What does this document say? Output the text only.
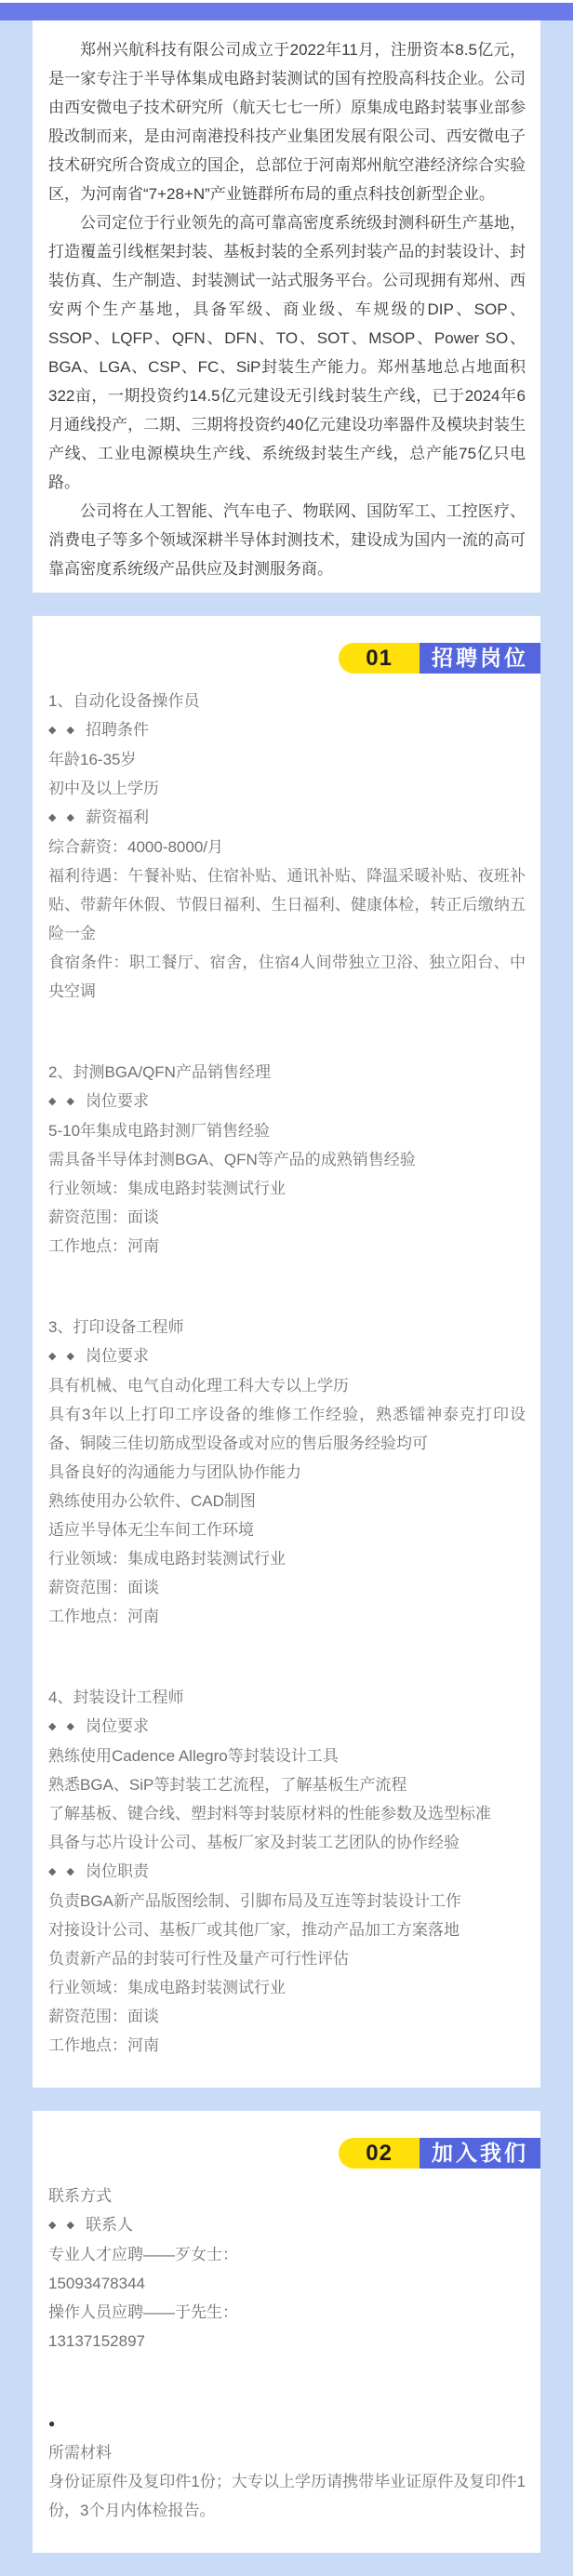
郑州兴航科技有限公司成立于2022年11月，注册资本8.5亿元，是一家专注于半导体集成电路封装测试的国有控股高科技企业。公司由西安微电子技术研究所（航天七七一所）原集成电路封装事业部参股改制而来，是由河南港投科技产业集团发展有限公司、西安微电子技术研究所合资成立的国企，总部位于河南郑州航空港经济综合实验区，为河南省“7+28+N”产业链群所布局的重点科技创新型企业。

公司定位于行业领先的高可靠高密度系统级封测科研生产基地，打造覆盖引线框架封装、基板封装的全系列封装产品的封装设计、封装仿真、生产制造、封装测试一站式服务平台。公司现拥有郑州、西安两个生产基地，具备军级、商业级、车规级的DIP、SOP、SSOP、LQFP、QFN、DFN、TO、SOT、MSOP、Power SO、BGA、LGA、CSP、FC、SiP封装生产能力。郑州基地总占地面积322亩，一期投资约14.5亿元建设无引线封装生产线，已于2024年6月通线投产，二期、三期将投资约40亿元建设功率器件及模块封装生产线、工业电源模块生产线、系统级封装生产线，总产能75亿只电路。

公司将在人工智能、汽车电子、物联网、国防军工、工控医疗、消费电子等多个领域深耕半导体封测技术，建设成为国内一流的高可靠高密度系统级产品供应及封测服务商。

01	招聘岗位

1、自动化设备操作员

◆ ◆ 招聘条件

年龄16-35岁

初中及以上学历

◆ ◆ 薪资福利

综合薪资：4000-8000/月

福利待遇：午餐补贴、住宿补贴、通讯补贴、降温采暖补贴、夜班补贴、带薪年休假、节假日福利、生日福利、健康体检，转正后缴纳五险一金

食宿条件：职工餐厅、宿舍，住宿4人间带独立卫浴、独立阳台、中央空调

2、封测BGA/QFN产品销售经理

◆ ◆ 岗位要求

5-10年集成电路封测厂销售经验

需具备半导体封测BGA、QFN等产品的成熟销售经验

行业领域：集成电路封装测试行业

薪资范围：面谈

工作地点：河南

3、打印设备工程师

◆ ◆ 岗位要求

具有机械、电气自动化理工科大专以上学历

具有3年以上打印工序设备的维修工作经验，熟悉镭神泰克打印设备、铜陵三佳切筋成型设备或对应的售后服务经验均可

具备良好的沟通能力与团队协作能力

熟练使用办公软件、CAD制图

适应半导体无尘车间工作环境

行业领域：集成电路封装测试行业

薪资范围：面谈

工作地点：河南

4、封装设计工程师

◆ ◆ 岗位要求

熟练使用Cadence Allegro等封装设计工具

熟悉BGA、SiP等封装工艺流程，了解基板生产流程

了解基板、键合线、塑封料等封装原材料的性能参数及选型标准

具备与芯片设计公司、基板厂家及封装工艺团队的协作经验

◆ ◆ 岗位职责

负责BGA新产品版图绘制、引脚布局及互连等封装设计工作

对接设计公司、基板厂或其他厂家，推动产品加工方案落地

负责新产品的封装可行性及量产可行性评估

行业领域：集成电路封装测试行业

薪资范围：面谈

工作地点：河南

02	加入我们

联系方式

◆ ◆ 联系人

专业人才应聘——歹女士：

15093478344

操作人员应聘——于先生：

13137152897

●

所需材料

身份证原件及复印件1份；大专以上学历请携带毕业证原件及复印件1份，3个月内体检报告。
